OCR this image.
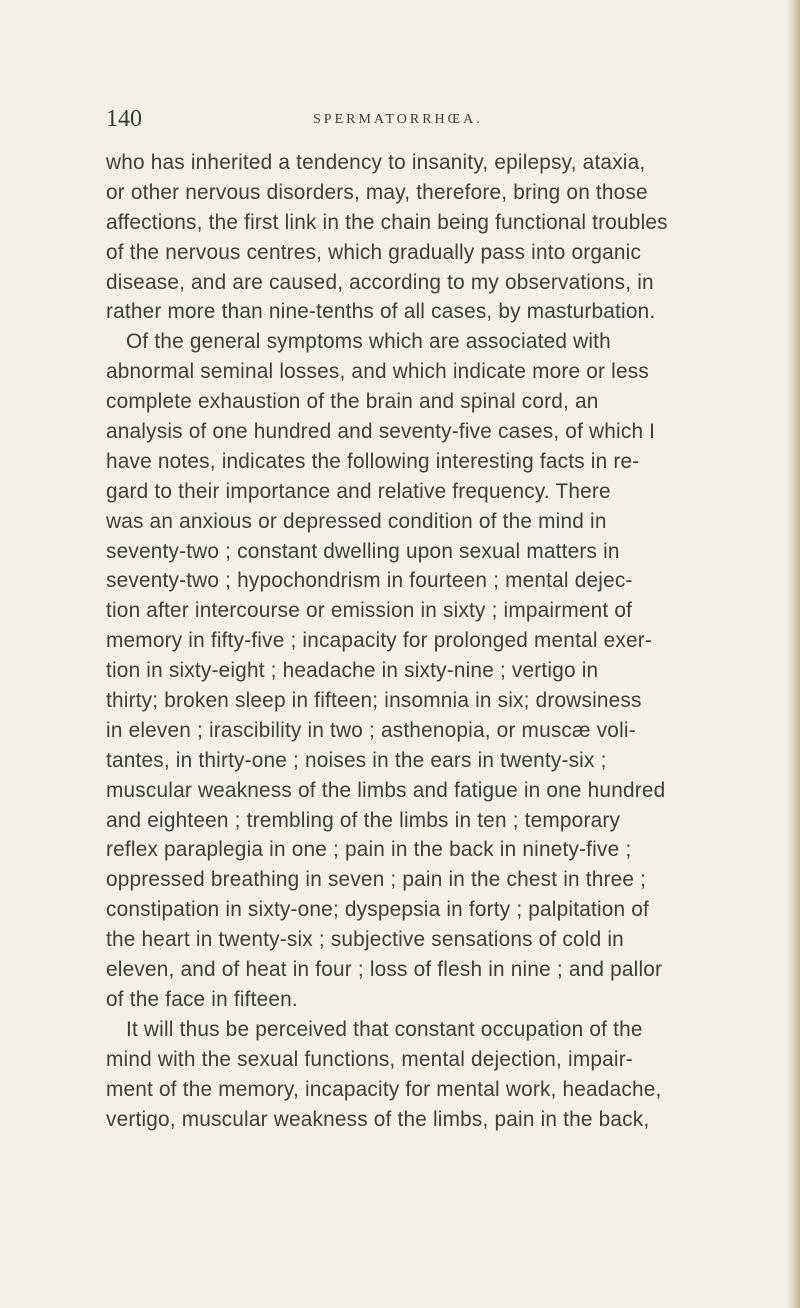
140	SPERMATORRHŒA.
who has inherited a tendency to insanity, epilepsy, ataxia,
or other nervous disorders, may, therefore, bring on those
affections, the first link in the chain being functional troubles
of the nervous centres, which gradually pass into organic
disease, and are caused, according to my observations, in
rather more than nine-tenths of all cases, by masturbation.
Of the general symptoms which are associated with
abnormal seminal losses, and which indicate more or less
complete exhaustion of the brain and spinal cord, an
analysis of one hundred and seventy-five cases, of which I
have notes, indicates the following interesting facts in re-
gard to their importance and relative frequency. There
was an anxious or depressed condition of the mind in
seventy-two ; constant dwelling upon sexual matters in
seventy-two ; hypochondrism in fourteen ; mental dejec-
tion after intercourse or emission in sixty ; impairment of
memory in fifty-five ; incapacity for prolonged mental exer-
tion in sixty-eight ; headache in sixty-nine ; vertigo in
thirty; broken sleep in fifteen; insomnia in six; drowsiness
in eleven ; irascibility in two ; asthenopia, or muscæ voli-
tantes, in thirty-one ; noises in the ears in twenty-six ;
muscular weakness of the limbs and fatigue in one hundred
and eighteen ; trembling of the limbs in ten ; temporary
reflex paraplegia in one ; pain in the back in ninety-five ;
oppressed breathing in seven ; pain in the chest in three ;
constipation in sixty-one; dyspepsia in forty ; palpitation of
the heart in twenty-six ; subjective sensations of cold in
eleven, and of heat in four ; loss of flesh in nine ; and pallor
of the face in fifteen.
It will thus be perceived that constant occupation of the
mind with the sexual functions, mental dejection, impair-
ment of the memory, incapacity for mental work, headache,
vertigo, muscular weakness of the limbs, pain in the back,
